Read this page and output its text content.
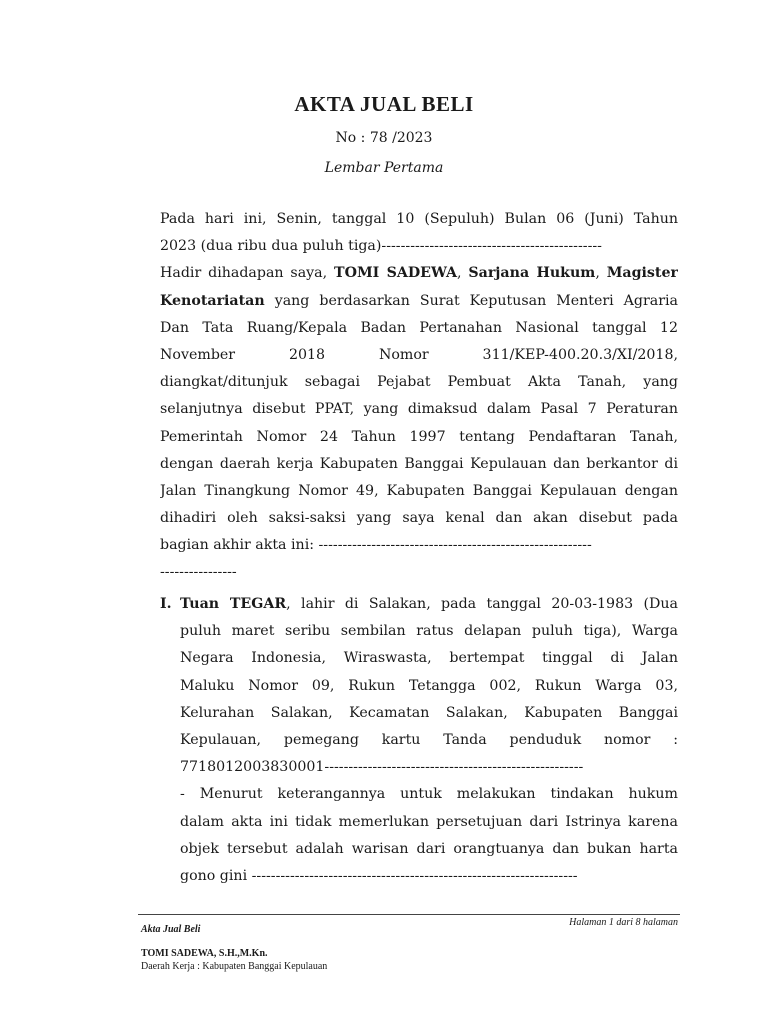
AKTA JUAL BELI
No : 78 /2023
Lembar Pertama
Pada hari ini, Senin, tanggal 10 (Sepuluh) Bulan 06 (Juni) Tahun
2023 (dua ribu dua puluh tiga)----------------------------------------------
Hadir dihadapan saya, TOMI SADEWA, Sarjana Hukum, Magister
Kenotariatan yang berdasarkan Surat Keputusan Menteri Agraria
Dan Tata Ruang/Kepala Badan Pertanahan Nasional tanggal 12
November        2018        Nomor        311/KEP-400.20.3/XI/2018,
diangkat/ditunjuk sebagai Pejabat Pembuat Akta Tanah, yang
selanjutnya disebut PPAT, yang dimaksud dalam Pasal 7 Peraturan
Pemerintah Nomor 24 Tahun 1997 tentang Pendaftaran Tanah,
dengan daerah kerja Kabupaten Banggai Kepulauan dan berkantor di
Jalan Tinangkung Nomor 49, Kabupaten Banggai Kepulauan dengan
dihadiri oleh saksi-saksi yang saya kenal dan akan disebut pada
bagian akhir akta ini: ---------------------------------------------------------
----------------
I. Tuan TEGAR, lahir di Salakan, pada tanggal 20-03-1983 (Dua
puluh maret seribu sembilan ratus delapan puluh tiga), Warga
Negara Indonesia, Wiraswasta, bertempat tinggal di Jalan
Maluku Nomor 09, Rukun Tetangga 002, Rukun Warga 03,
Kelurahan Salakan, Kecamatan Salakan, Kabupaten Banggai
Kepulauan,    pemegang    kartu    Tanda    penduduk    nomor    :
7718012003830001------------------------------------------------------
- Menurut keterangannya untuk melakukan tindakan hukum
dalam akta ini tidak memerlukan persetujuan dari Istrinya karena
objek tersebut adalah warisan dari orangtuanya dan bukan harta
gono gini --------------------------------------------------------------------
Akta Jual Beli
Halaman 1 dari 8 halaman
TOMI SADEWA, S.H.,M.Kn.
Daerah Kerja : Kabupaten Banggai Kepulauan
